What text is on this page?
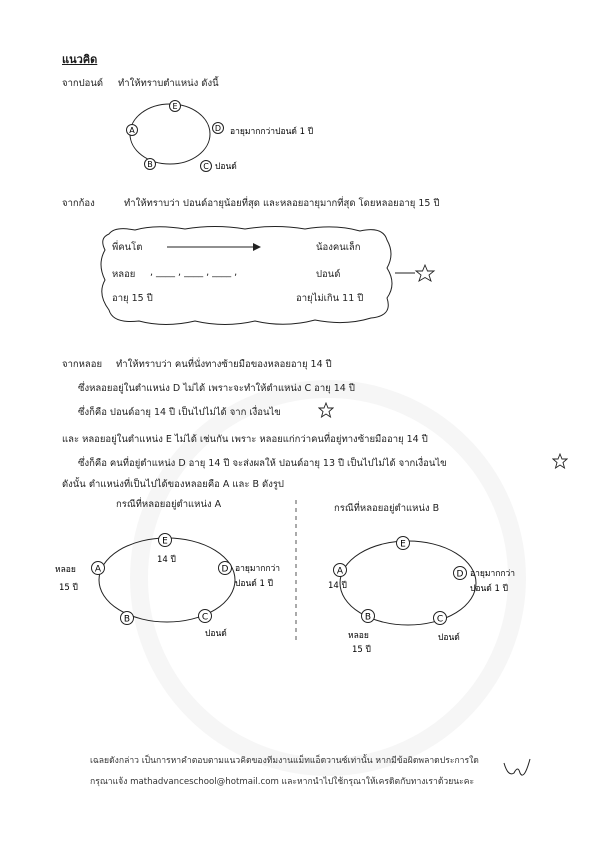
แนวคิด
จากปอนด์ ทำให้ทราบตำแหน่ง ดังนี้
E
A	D
B	C
อายุมากกว่าปอนด์ 1 ปี
ปอนด์
จากก้อง	ทำให้ทราบว่า ปอนด์อายุน้อยที่สุด และหลอยอายุมากที่สุด โดยหลอยอายุ 15 ปี
พี่คนโต	น้องคนเล็ก
หลอย , ____ , ____ , ____ ,	ปอนด์
อายุ 15 ปี	อายุไม่เกิน 11 ปี
จากหลอย ทำให้ทราบว่า คนที่นั่งทางซ้ายมือของหลอยอายุ 14 ปี
ซึ่งหลอยอยู่ในตำแหน่ง D ไม่ได้ เพราะจะทำให้ตำแหน่ง C อายุ 14 ปี
ซึ่งก็คือ ปอนด์อายุ 14 ปี เป็นไปไม่ได้ จาก เงื่อนไข
และ หลอยอยู่ในตำแหน่ง E ไม่ได้ เช่นกัน เพราะ หลอยแก่กว่าคนที่อยู่ทางซ้ายมืออายุ 14 ปี
ซึ่งก็คือ คนที่อยู่ตำแหน่ง D อายุ 14 ปี จะส่งผลให้ ปอนด์อายุ 13 ปี เป็นไปไม่ได้ จากเงื่อนไข
ดังนั้น ตำแหน่งที่เป็นไปได้ของหลอยคือ A และ B ดังรูป
กรณีที่หลอยอยู่ตำแหน่ง A	กรณีที่หลอยอยู่ตำแหน่ง B
E
A	D
B	C
14 ปี
หลอย
15 ปี
อายุมากกว่า
ปอนด์ 1 ปี
ปอนด์
E
A	D
B	C
14 ปี
อายุมากกว่า
ปอนด์ 1 ปี
หลอย
15 ปี
ปอนด์
เฉลยดังกล่าว เป็นการหาคำตอบตามแนวคิดของทีมงานแม็ทแอ็ดวานซ์เท่านั้น หากมีข้อผิดพลาดประการใด
กรุณาแจ้ง mathadvanceschool@hotmail.com และหากนำไปใช้กรุณาให้เครดิตกับทางเราด้วยนะคะ
